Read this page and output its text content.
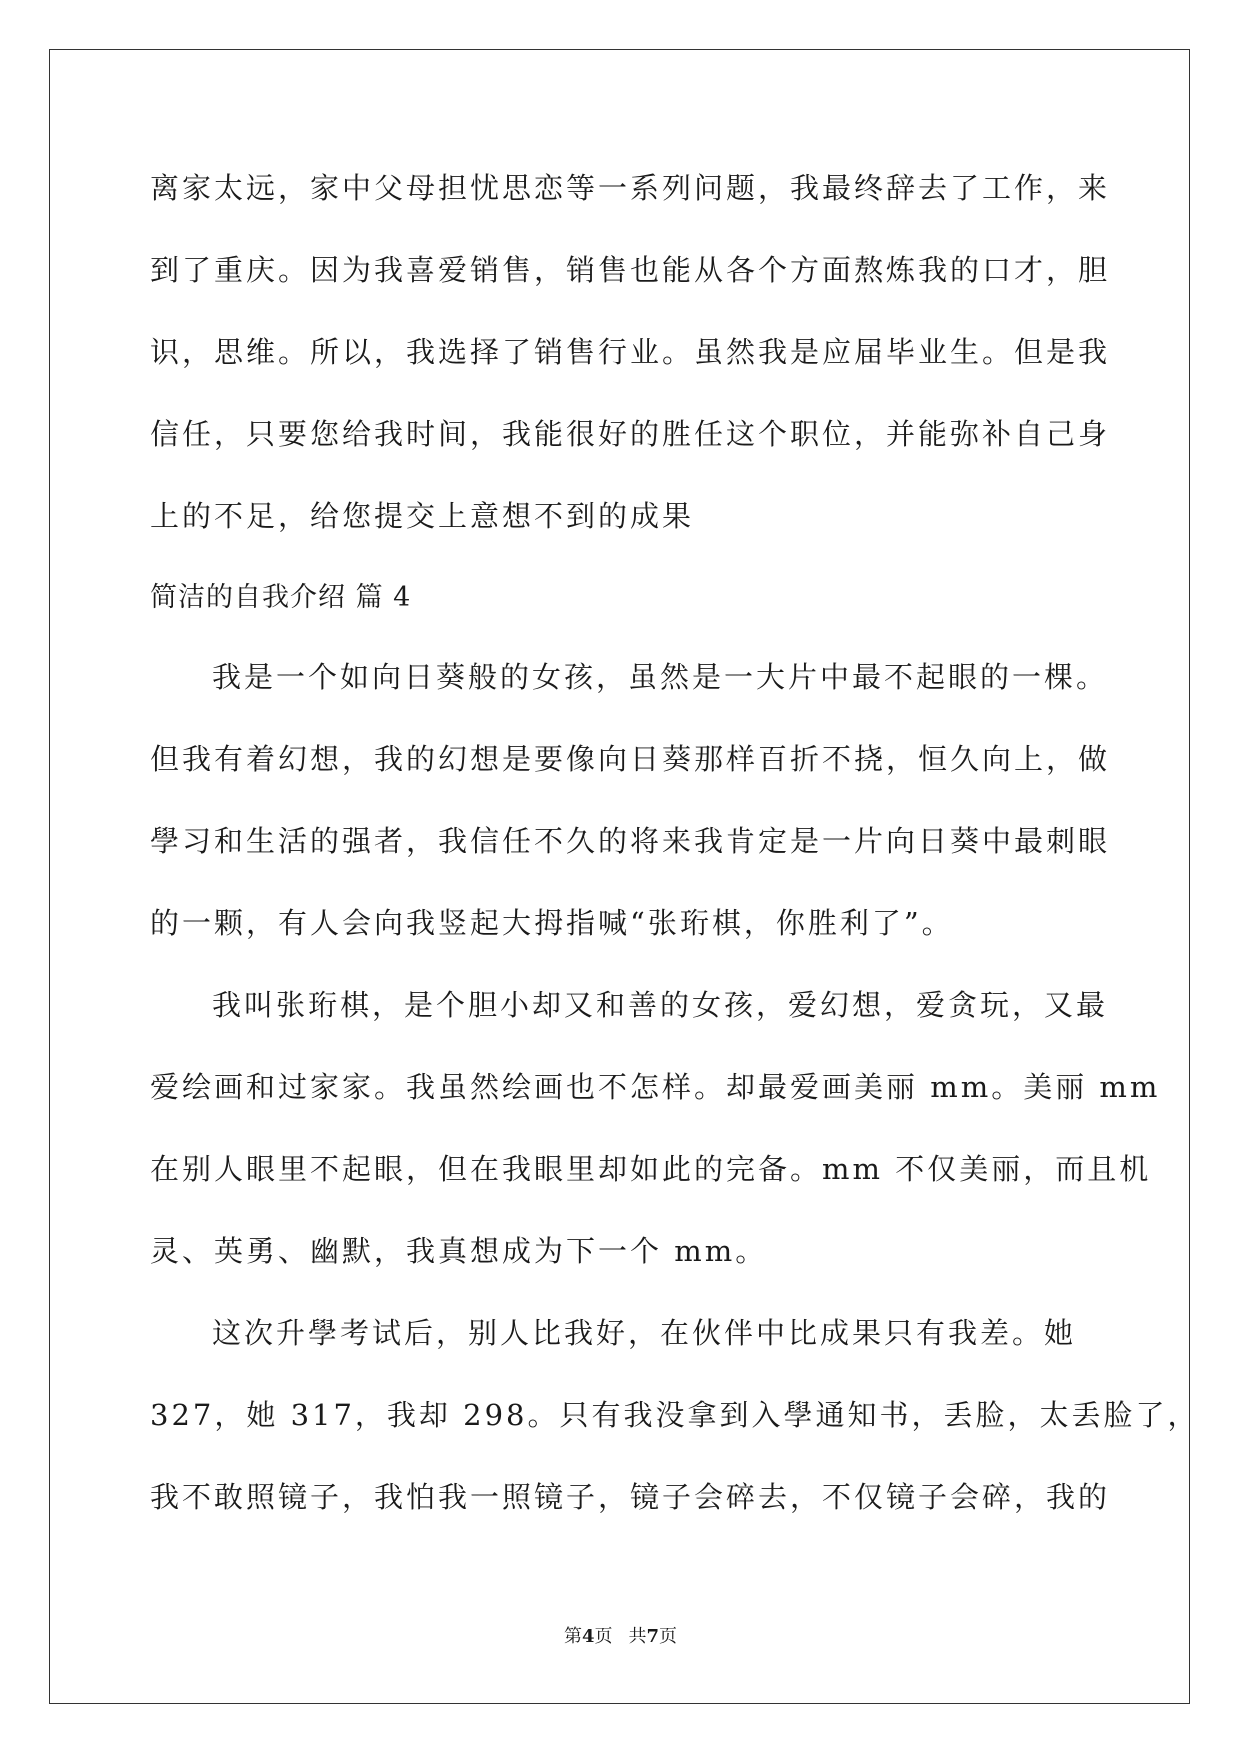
离家太远，家中父母担忧思恋等一系列问题，我最终辞去了工作，来
到了重庆。因为我喜爱销售，销售也能从各个方面熬炼我的口才，胆
识，思维。所以，我选择了销售行业。虽然我是应届毕业生。但是我
信任，只要您给我时间，我能很好的胜任这个职位，并能弥补自己身
上的不足，给您提交上意想不到的成果
简洁的自我介绍 篇 4
我是一个如向日葵般的女孩，虽然是一大片中最不起眼的一棵。
但我有着幻想，我的幻想是要像向日葵那样百折不挠，恒久向上，做
學习和生活的强者，我信任不久的将来我肯定是一片向日葵中最刺眼
的一颗，有人会向我竖起大拇指喊“张珩棋，你胜利了”。
我叫张珩棋，是个胆小却又和善的女孩，爱幻想，爱贪玩，又最
爱绘画和过家家。我虽然绘画也不怎样。却最爱画美丽 mm。美丽 mm
在别人眼里不起眼，但在我眼里却如此的完备。mm 不仅美丽，而且机
灵、英勇、幽默，我真想成为下一个 mm。
这次升學考试后，别人比我好，在伙伴中比成果只有我差。她
327，她 317，我却 298。只有我没拿到入學通知书，丢脸，太丢脸了，
我不敢照镜子，我怕我一照镜子，镜子会碎去，不仅镜子会碎，我的
第4页 共7页
